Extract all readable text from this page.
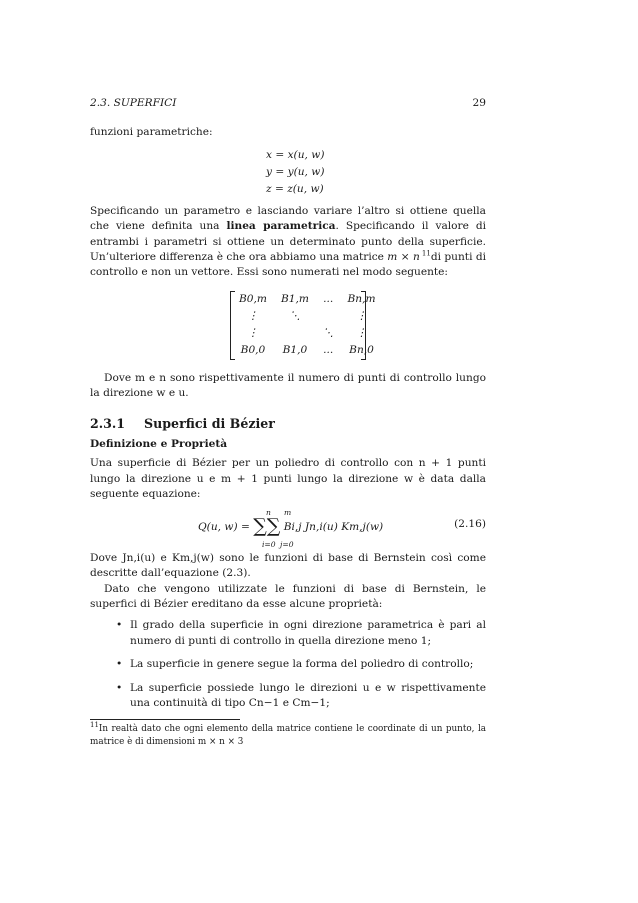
2.3. SUPERFICI	29

funzioni parametriche:

x = x(u, w)
y = y(u, w)
z = z(u, w)

Specificando un parametro e lasciando variare l’altro si ottiene quella che viene definita una linea parametrica. Specificando il valore di entrambi i parametri si ottiene un determinato punto della superficie. Un’ulteriore differenza è che ora abbiamo una matrice m × n  $^{11}$di punti di controllo e non un vettore. Essi sono numerati nel modo seguente:

B0,m	B1,m	...	Bn,m
⋮	⋱		⋮
⋮		⋱	⋮
B0,0	B1,0	...	Bn,0

Dove m e n sono rispettivamente il numero di punti di controllo lungo la direzione w e u.

2.3.1 Superfici di Bézier
Definizione e Proprietà

Una superficie di Bézier per un poliedro di controllo con n + 1 punti lungo la direzione u e m + 1 punti lungo la direzione w è data dalla seguente equazione:

Q(u, w) = ∑∑ Bi,j Jn,i(u) Km,j(w)
n
i=0
m
j=0
(2.16)

Dove Jn,i(u) e Km,j(w) sono le funzioni di base di Bernstein così come descritte dall’equazione (2.3).

Dato che vengono utilizzate le funzioni di base di Bernstein, le superfici di Bézier ereditano da esse alcune proprietà:

• Il grado della superficie in ogni direzione parametrica è pari al numero di punti di controllo in quella direzione meno 1;
• La superficie in genere segue la forma del poliedro di controllo;
• La superficie possiede lungo le direzioni u e w rispettivamente una continuità di tipo Cn−1 e Cm−1;

$^{11}$In realtà dato che ogni elemento della matrice contiene le coordinate di un punto, la matrice è di dimensioni m × n × 3
